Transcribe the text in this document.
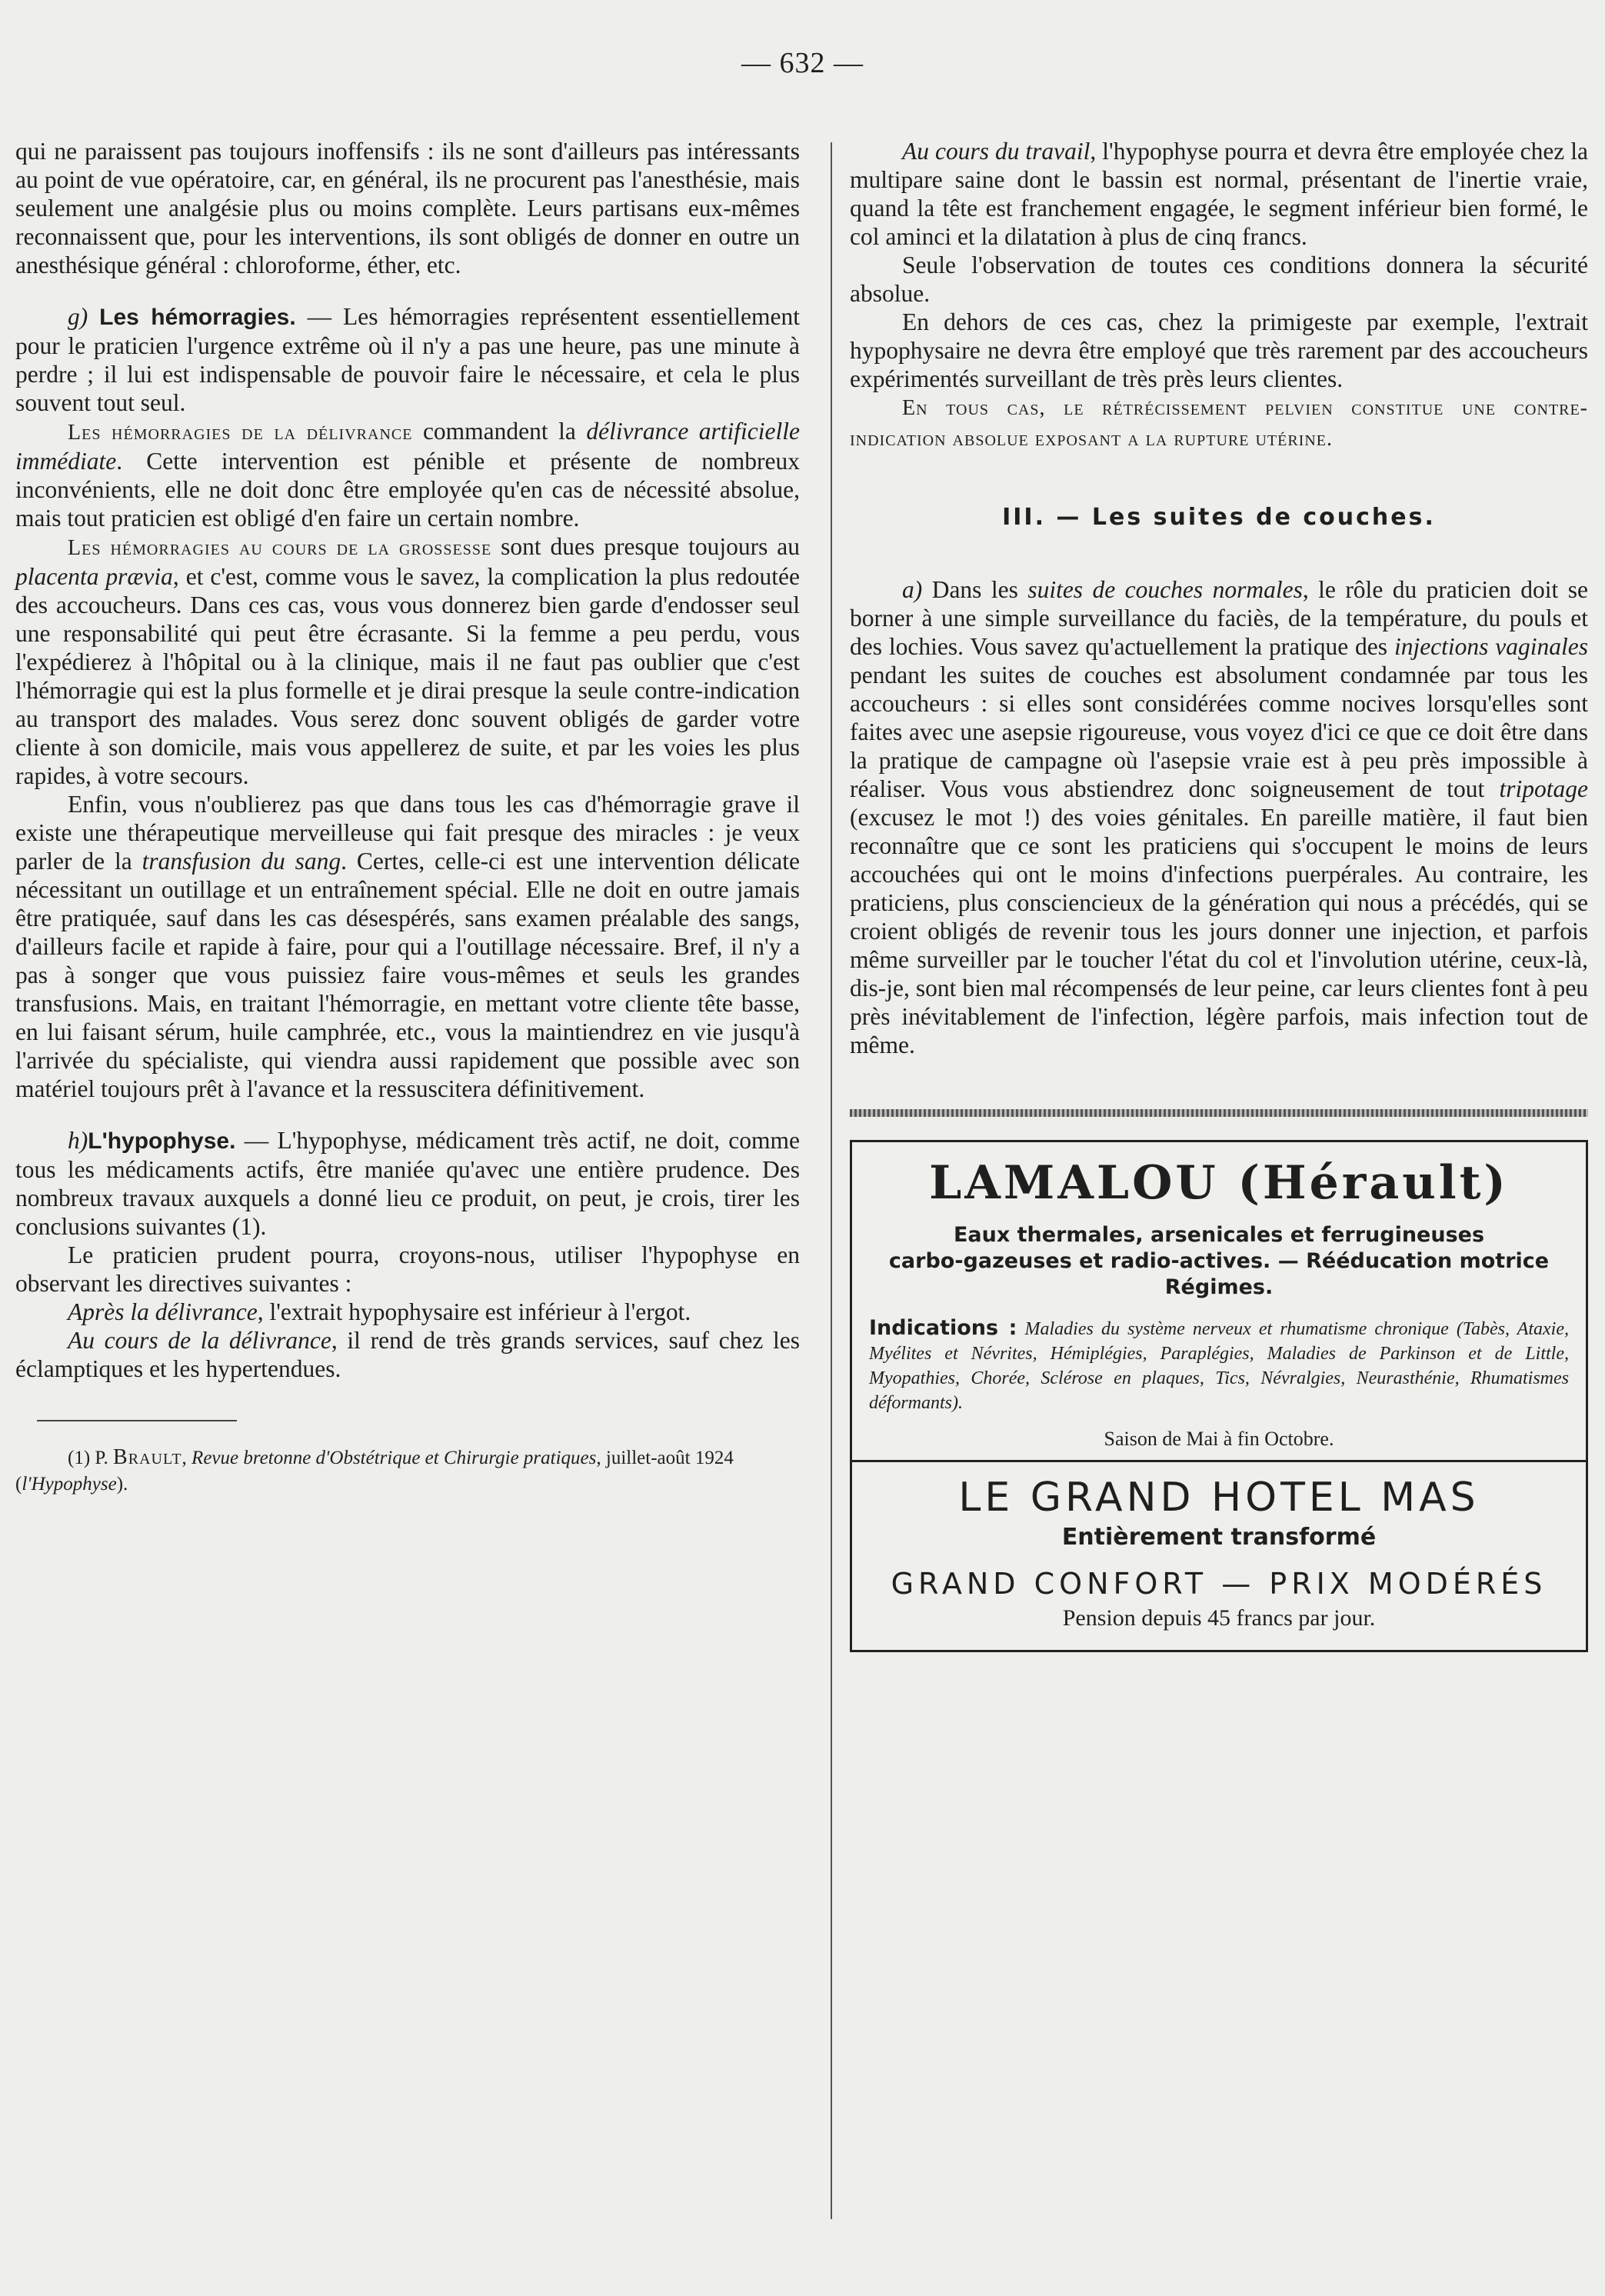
— 632 —

qui ne paraissent pas toujours inoffensifs : ils ne sont d'ailleurs pas intéressants au point de vue opératoire, car, en général, ils ne procurent pas l'anesthésie, mais seulement une analgésie plus ou moins complète. Leurs partisans eux-mêmes reconnaissent que, pour les interventions, ils sont obligés de donner en outre un anesthésique général : chloroforme, éther, etc.

g) Les hémorragies. — Les hémorragies représentent essentiellement pour le praticien l'urgence extrême où il n'y a pas une heure, pas une minute à perdre ; il lui est indispensable de pouvoir faire le nécessaire, et cela le plus souvent tout seul.

Les hémorragies de la délivrance commandent la délivrance artificielle immédiate. Cette intervention est pénible et présente de nombreux inconvénients, elle ne doit donc être employée qu'en cas de nécessité absolue, mais tout praticien est obligé d'en faire un certain nombre.

Les hémorragies au cours de la grossesse sont dues presque toujours au placenta prævia, et c'est, comme vous le savez, la complication la plus redoutée des accoucheurs. Dans ces cas, vous vous donnerez bien garde d'endosser seul une responsabilité qui peut être écrasante. Si la femme a peu perdu, vous l'expédierez à l'hôpital ou à la clinique, mais il ne faut pas oublier que c'est l'hémorragie qui est la plus formelle et je dirai presque la seule contre-indication au transport des malades. Vous serez donc souvent obligés de garder votre cliente à son domicile, mais vous appellerez de suite, et par les voies les plus rapides, à votre secours.

Enfin, vous n'oublierez pas que dans tous les cas d'hémorragie grave il existe une thérapeutique merveilleuse qui fait presque des miracles : je veux parler de la transfusion du sang. Certes, celle-ci est une intervention délicate nécessitant un outillage et un entraînement spécial. Elle ne doit en outre jamais être pratiquée, sauf dans les cas désespérés, sans examen préalable des sangs, d'ailleurs facile et rapide à faire, pour qui a l'outillage nécessaire. Bref, il n'y a pas à songer que vous puissiez faire vous-mêmes et seuls les grandes transfusions. Mais, en traitant l'hémorragie, en mettant votre cliente tête basse, en lui faisant sérum, huile camphrée, etc., vous la maintiendrez en vie jusqu'à l'arrivée du spécialiste, qui viendra aussi rapidement que possible avec son matériel toujours prêt à l'avance et la ressuscitera définitivement.

h)L'hypophyse. — L'hypophyse, médicament très actif, ne doit, comme tous les médicaments actifs, être maniée qu'avec une entière prudence. Des nombreux travaux auxquels a donné lieu ce produit, on peut, je crois, tirer les conclusions suivantes (1).

Le praticien prudent pourra, croyons-nous, utiliser l'hypophyse en observant les directives suivantes :

Après la délivrance, l'extrait hypophysaire est inférieur à l'ergot.

Au cours de la délivrance, il rend de très grands services, sauf chez les éclamptiques et les hypertendues.

(1) P. Brault, Revue bretonne d'Obstétrique et Chirurgie pratiques, juillet-août 1924 (l'Hypophyse).

Au cours du travail, l'hypophyse pourra et devra être employée chez la multipare saine dont le bassin est normal, présentant de l'inertie vraie, quand la tête est franchement engagée, le segment inférieur bien formé, le col aminci et la dilatation à plus de cinq francs.

Seule l'observation de toutes ces conditions donnera la sécurité absolue.

En dehors de ces cas, chez la primigeste par exemple, l'extrait hypophysaire ne devra être employé que très rarement par des accoucheurs expérimentés surveillant de très près leurs clientes.

En tous cas, le rétrécissement pelvien constitue une contre-indication absolue exposant a la rupture utérine.

III. — Les suites de couches.

a) Dans les suites de couches normales, le rôle du praticien doit se borner à une simple surveillance du faciès, de la température, du pouls et des lochies. Vous savez qu'actuellement la pratique des injections vaginales pendant les suites de couches est absolument condamnée par tous les accoucheurs : si elles sont considérées comme nocives lorsqu'elles sont faites avec une asepsie rigoureuse, vous voyez d'ici ce que ce doit être dans la pratique de campagne où l'asepsie vraie est à peu près impossible à réaliser. Vous vous abstiendrez donc soigneusement de tout tripotage (excusez le mot !) des voies génitales. En pareille matière, il faut bien reconnaître que ce sont les praticiens qui s'occupent le moins de leurs accouchées qui ont le moins d'infections puerpérales. Au contraire, les praticiens, plus consciencieux de la génération qui nous a précédés, qui se croient obligés de revenir tous les jours donner une injection, et parfois même surveiller par le toucher l'état du col et l'involution utérine, ceux-là, dis-je, sont bien mal récompensés de leur peine, car leurs clientes font à peu près inévitablement de l'infection, légère parfois, mais infection tout de même.

LAMALOU (Hérault)
Eaux thermales, arsenicales et ferrugineuses
carbo-gazeuses et radio-actives. — Rééducation motrice
Régimes.

Indications : Maladies du système nerveux et rhumatisme chronique (Tabès, Ataxie, Myélites et Névrites, Hémiplégies, Paraplégies, Maladies de Parkinson et de Little, Myopathies, Chorée, Sclérose en plaques, Tics, Névralgies, Neurasthénie, Rhumatismes déformants).

Saison de Mai à fin Octobre.
LE GRAND HOTEL MAS
Entièrement transformé
GRAND CONFORT — PRIX MODÉRÉS
Pension depuis 45 francs par jour.
